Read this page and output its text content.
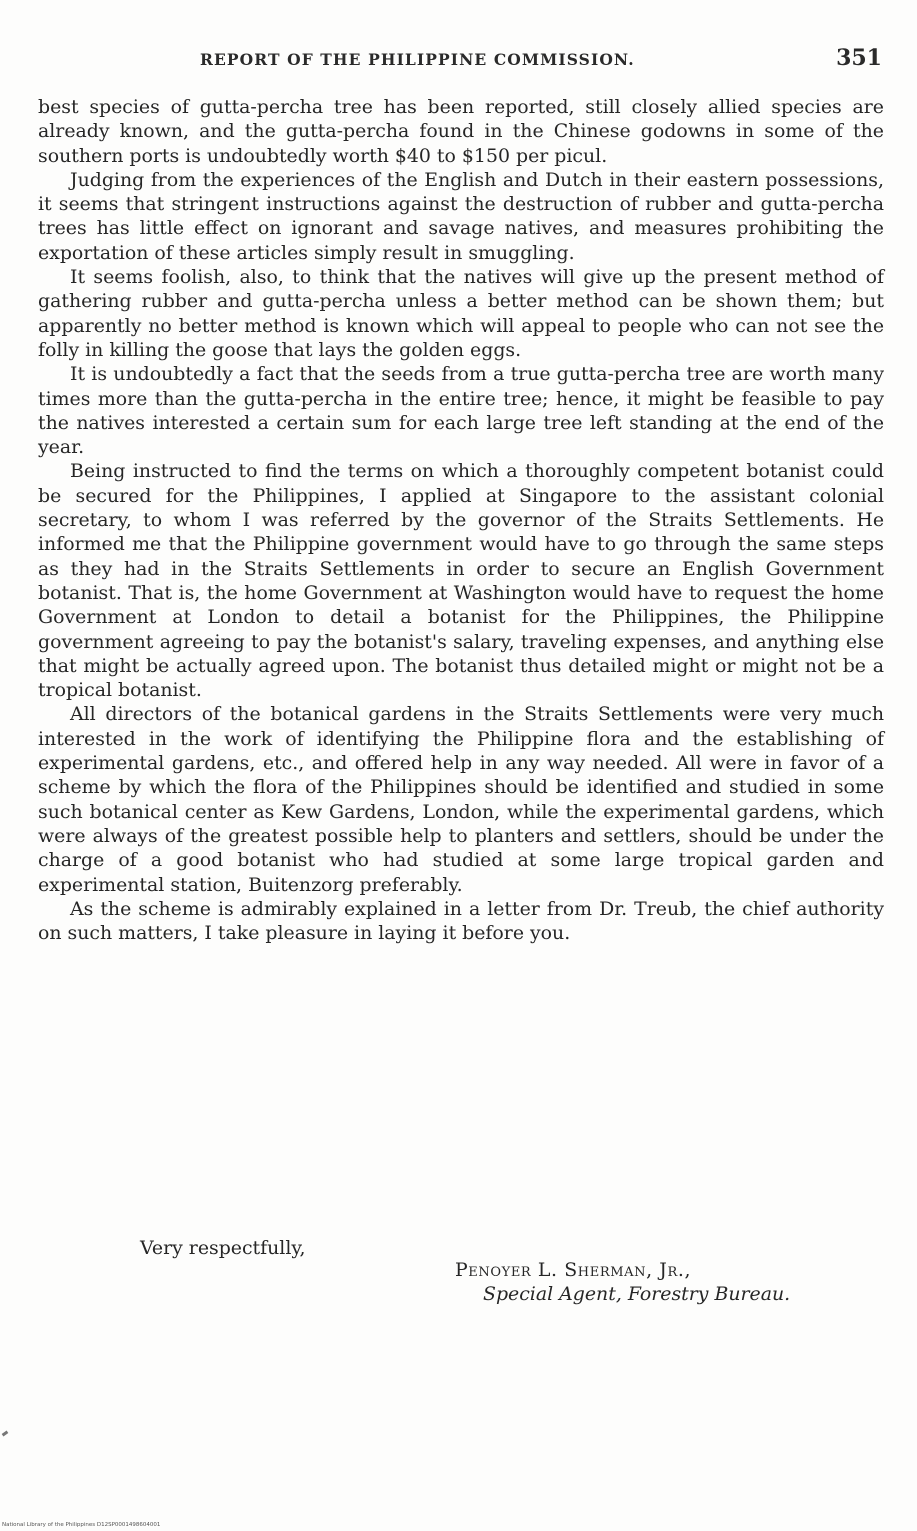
REPORT OF THE PHILIPPINE COMMISSION.	351

best species of gutta-percha tree has been reported, still closely allied species are already known, and the gutta-percha found in the Chinese godowns in some of the southern ports is undoubtedly worth $40 to $150 per picul.

Judging from the experiences of the English and Dutch in their eastern possessions, it seems that stringent instructions against the destruction of rubber and gutta-percha trees has little effect on ignorant and savage natives, and measures prohibiting the exportation of these articles simply result in smuggling.

It seems foolish, also, to think that the natives will give up the present method of gathering rubber and gutta-percha unless a better method can be shown them; but apparently no better method is known which will appeal to people who can not see the folly in killing the goose that lays the golden eggs.

It is undoubtedly a fact that the seeds from a true gutta-percha tree are worth many times more than the gutta-percha in the entire tree; hence, it might be feasible to pay the natives interested a certain sum for each large tree left standing at the end of the year.

Being instructed to find the terms on which a thoroughly competent botanist could be secured for the Philippines, I applied at Singapore to the assistant colonial secretary, to whom I was referred by the governor of the Straits Settlements. He informed me that the Philippine government would have to go through the same steps as they had in the Straits Settlements in order to secure an English Government botanist. That is, the home Government at Washington would have to request the home Government at London to detail a botanist for the Philippines, the Philippine government agreeing to pay the botanist's salary, traveling expenses, and anything else that might be actually agreed upon. The botanist thus detailed might or might not be a tropical botanist.

All directors of the botanical gardens in the Straits Settlements were very much interested in the work of identifying the Philippine flora and the establishing of experimental gardens, etc., and offered help in any way needed. All were in favor of a scheme by which the flora of the Philippines should be identified and studied in some such botanical center as Kew Gardens, London, while the experimental gardens, which were always of the greatest possible help to planters and settlers, should be under the charge of a good botanist who had studied at some large tropical garden and experimental station, Buitenzorg preferably.

As the scheme is admirably explained in a letter from Dr. Treub, the chief authority on such matters, I take pleasure in laying it before you.

Very respectfully,
Penoyer L. Sherman, Jr.,
Special Agent, Forestry Bureau.
National Library of the Philippines D12SP0001498604001
